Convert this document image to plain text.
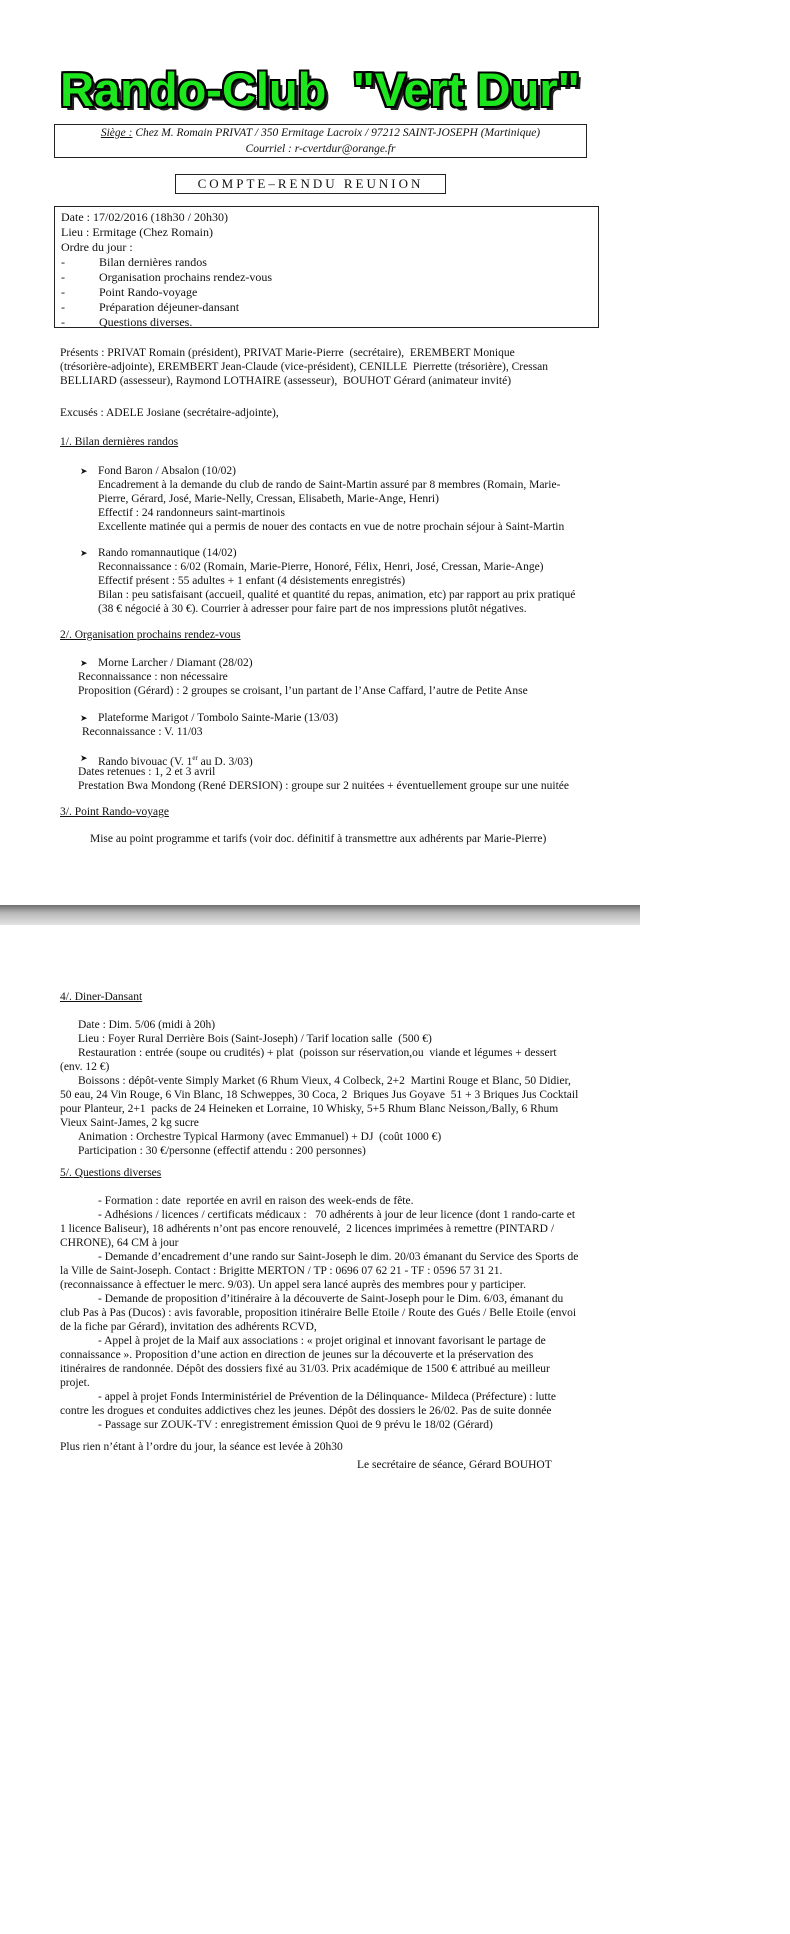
Rando-Club  "Vert Dur"
Siège : Chez M. Romain PRIVAT / 350 Ermitage Lacroix / 97212 SAINT-JOSEPH (Martinique)
Courriel : r-cvertdur@orange.fr
COMPTE–RENDU REUNION
Date : 17/02/2016 (18h30 / 20h30)
Lieu : Ermitage (Chez Romain)
Ordre du jour :
-	Bilan dernières randos
-	Organisation prochains rendez-vous
-	Point Rando-voyage
-	Préparation déjeuner-dansant
-	Questions diverses.
Présents : PRIVAT Romain (président), PRIVAT Marie-Pierre  (secrétaire),  EREMBERT Monique
(trésorière-adjointe), EREMBERT Jean-Claude (vice-président), CENILLE  Pierrette (trésorière), Cressan
BELLIARD (assesseur), Raymond LOTHAIRE (assesseur),  BOUHOT Gérard (animateur invité)
Excusés : ADELE Josiane (secrétaire-adjointe),
1/. Bilan dernières randos
➤ Fond Baron / Absalon (10/02)
Encadrement à la demande du club de rando de Saint-Martin assuré par 8 membres (Romain, Marie-
Pierre, Gérard, José, Marie-Nelly, Cressan, Elisabeth, Marie-Ange, Henri)
Effectif : 24 randonneurs saint-martinois
Excellente matinée qui a permis de nouer des contacts en vue de notre prochain séjour à Saint-Martin
➤ Rando romannautique (14/02)
Reconnaissance : 6/02 (Romain, Marie-Pierre, Honoré, Félix, Henri, José, Cressan, Marie-Ange)
Effectif présent : 55 adultes + 1 enfant (4 désistements enregistrés)
Bilan : peu satisfaisant (accueil, qualité et quantité du repas, animation, etc) par rapport au prix pratiqué
(38 € négocié à 30 €). Courrier à adresser pour faire part de nos impressions plutôt négatives.
2/. Organisation prochains rendez-vous
➤ Morne Larcher / Diamant (28/02)
Reconnaissance : non nécessaire
Proposition (Gérard) : 2 groupes se croisant, l’un partant de l’Anse Caffard, l’autre de Petite Anse
➤ Plateforme Marigot / Tombolo Sainte-Marie (13/03)
Reconnaissance : V. 11/03
➤ Rando bivouac (V. 1er au D. 3/03)
Dates retenues : 1, 2 et 3 avril
Prestation Bwa Mondong (René DERSION) : groupe sur 2 nuitées + éventuellement groupe sur une nuitée
3/. Point Rando-voyage
Mise au point programme et tarifs (voir doc. définitif à transmettre aux adhérents par Marie-Pierre)
4/. Diner-Dansant
Date : Dim. 5/06 (midi à 20h)
Lieu : Foyer Rural Derrière Bois (Saint-Joseph) / Tarif location salle  (500 €)
Restauration : entrée (soupe ou crudités) + plat  (poisson sur réservation,ou  viande et légumes + dessert
(env. 12 €)
Boissons : dépôt-vente Simply Market (6 Rhum Vieux, 4 Colbeck, 2+2  Martini Rouge et Blanc, 50 Didier,
50 eau, 24 Vin Rouge, 6 Vin Blanc, 18 Schweppes, 30 Coca, 2  Briques Jus Goyave  51 + 3 Briques Jus Cocktail
pour Planteur, 2+1  packs de 24 Heineken et Lorraine, 10 Whisky, 5+5 Rhum Blanc Neisson,/Bally, 6 Rhum
Vieux Saint-James, 2 kg sucre
Animation : Orchestre Typical Harmony (avec Emmanuel) + DJ  (coût 1000 €)
Participation : 30 €/personne (effectif attendu : 200 personnes)
5/. Questions diverses
- Formation : date  reportée en avril en raison des week-ends de fête.
- Adhésions / licences / certificats médicaux :   70 adhérents à jour de leur licence (dont 1 rando-carte et
1 licence Baliseur), 18 adhérents n’ont pas encore renouvelé,  2 licences imprimées à remettre (PINTARD /
CHRONE), 64 CM à jour
- Demande d’encadrement d’une rando sur Saint-Joseph le dim. 20/03 émanant du Service des Sports de
la Ville de Saint-Joseph. Contact : Brigitte MERTON / TP : 0696 07 62 21 - TF : 0596 57 31 21.
(reconnaissance à effectuer le merc. 9/03). Un appel sera lancé auprès des membres pour y participer.
- Demande de proposition d’itinéraire à la découverte de Saint-Joseph pour le Dim. 6/03, émanant du
club Pas à Pas (Ducos) : avis favorable, proposition itinéraire Belle Etoile / Route des Gués / Belle Etoile (envoi
de la fiche par Gérard), invitation des adhérents RCVD,
- Appel à projet de la Maif aux associations : « projet original et innovant favorisant le partage de
connaissance ». Proposition d’une action en direction de jeunes sur la découverte et la préservation des
itinéraires de randonnée. Dépôt des dossiers fixé au 31/03. Prix académique de 1500 € attribué au meilleur
projet.
- appel à projet Fonds Interministériel de Prévention de la Délinquance- Mildeca (Préfecture) : lutte
contre les drogues et conduites addictives chez les jeunes. Dépôt des dossiers le 26/02. Pas de suite donnée
- Passage sur ZOUK-TV : enregistrement émission Quoi de 9 prévu le 18/02 (Gérard)
Plus rien n’étant à l’ordre du jour, la séance est levée à 20h30
Le secrétaire de séance, Gérard BOUHOT
